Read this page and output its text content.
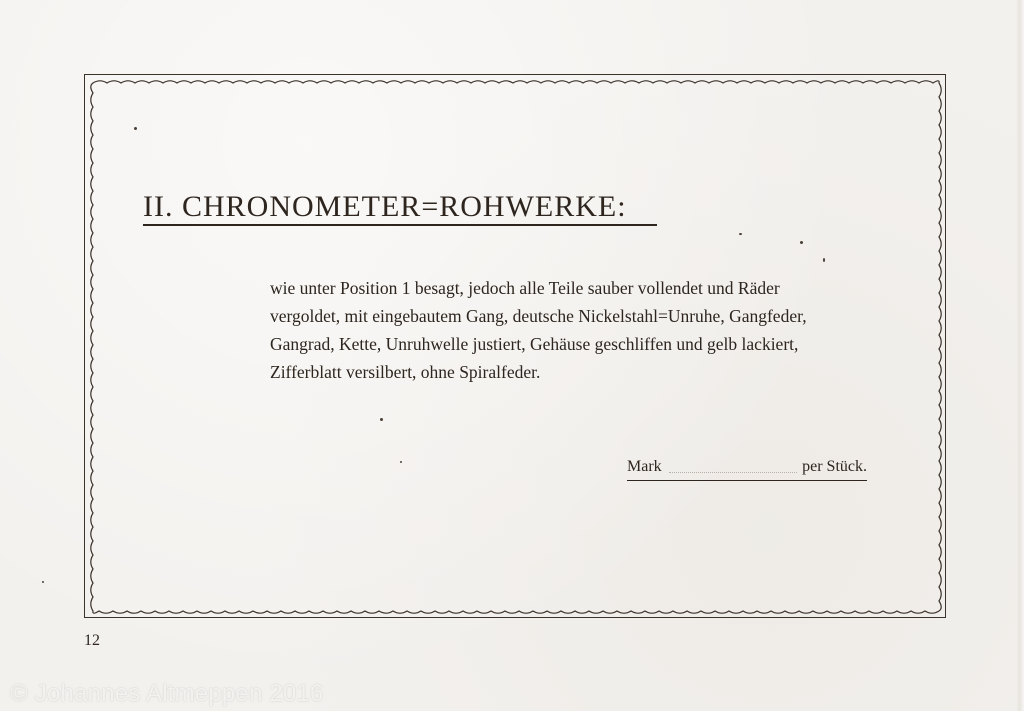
II. CHRONOMETER=ROHWERKE:
wie unter Position 1 besagt, jedoch alle Teile sauber vollendet und Räder
vergoldet, mit eingebautem Gang, deutsche Nickelstahl=Unruhe, Gangfeder,
Gangrad, Kette, Unruhwelle justiert, Gehäuse geschliffen und gelb lackiert,
Zifferblatt versilbert, ohne Spiralfeder.
Mark	per Stück.
12
© Johannes Altmeppen 2016
